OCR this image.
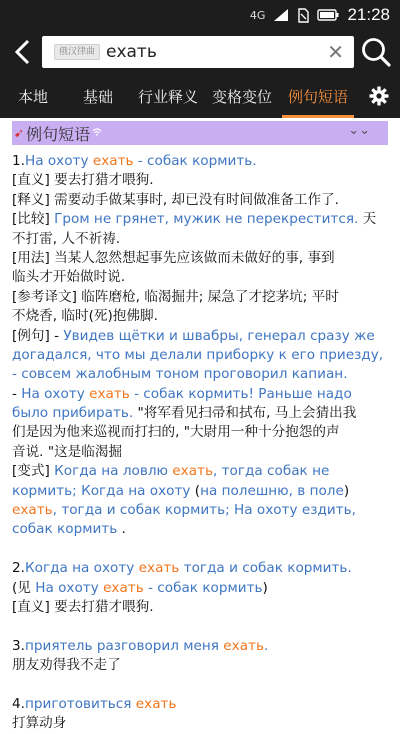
4G	21:28
俄汉律曲 ехать	✕
本地	基础	行业释义 变格变位	例句短语
➹ 例句短语	⌄⌄
1.На охоту ехать - собак кормить.
[直义] 要去打猎才喂狗.
[释义] 需要动手做某事时, 却已没有时间做准备工作了.
[比较] Гром не грянет, мужик не перекрестится. 天
不打雷, 人不祈祷.
[用法] 当某人忽然想起事先应该做而未做好的事, 事到
临头才开始做时说.
[参考译文] 临阵磨枪, 临渴掘井; 屎急了才挖茅坑; 平时
不烧香, 临时(死)抱佛脚.
[例句] - Увидев щётки и швабры, генерал сразу же
догадался, что мы делали приборку к его приезду,
- совсем жалобным тоном проговорил капиан.
- На охоту ехать - собак кормить! Раньше надо
было прибирать. "将军看见扫帚和拭布, 马上会猜出我
们是因为他来巡视而打扫的, "大尉用一种十分抱怨的声
音说. "这是临渴掘
[变式] Когда на ловлю ехать, тогда собак не
кормить; Когда на охоту (на полешню, в поле)
ехать, тогда и собак кормить; На охоту ездить,
собак кормить .
2.Когда на охоту ехать тогда и собак кормить.
(见 На охоту ехать - собак кормить)
[直义] 要去打猎才喂狗.
3.приятель разговорил меня ехать.
朋友劝得我不走了
4.приготовиться ехать
打算动身
